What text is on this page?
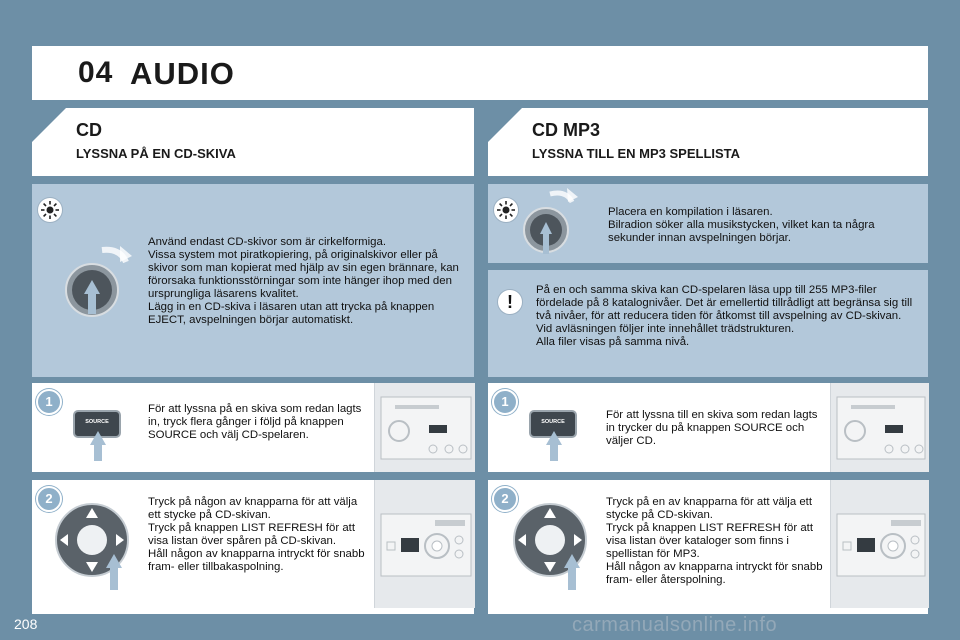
04 AUDIO
CD
LYSSNA PÅ EN CD-SKIVA
CD MP3
LYSSNA TILL EN MP3 SPELLISTA
Använd endast CD-skivor som är cirkelformiga.
Vissa system mot piratkopiering, på originalskivor eller på skivor som man kopierat med hjälp av sin egen brännare, kan förorsaka funktionsstörningar som inte hänger ihop med den ursprungliga läsarens kvalitet.
Lägg in en CD-skiva i läsaren utan att trycka på knappen EJECT, avspelningen börjar automatiskt.
1
SOURCE
För att lyssna på en skiva som redan lagts in, tryck flera gånger i följd på knappen SOURCE och välj CD-spelaren.
2	Tryck på någon av knapparna för att välja ett stycke på CD-skivan.
Tryck på knappen LIST REFRESH för att visa listan över spåren på CD-skivan.
Håll någon av knapparna intryckt för snabb fram- eller tillbakaspolning.
Placera en kompilation i läsaren.
Bilradion söker alla musikstycken, vilket kan ta några sekunder innan avspelningen börjar.
!
På en och samma skiva kan CD-spelaren läsa upp till 255 MP3-filer fördelade på 8 katalognivåer. Det är emellertid tillrådligt att begränsa sig till två nivåer, för att reducera tiden för åtkomst till avspelning av CD-skivan.
Vid avläsningen följer inte innehållet trädstrukturen.
Alla filer visas på samma nivå.
1
SOURCE
För att lyssna till en skiva som redan lagts in trycker du på knappen SOURCE och väljer CD.
2	Tryck på en av knapparna för att välja ett stycke på CD-skivan.
Tryck på knappen LIST REFRESH för att visa listan över kataloger som finns i spellistan för MP3.
Håll någon av knapparna intryckt för snabb fram- eller återspolning.
208	carmanualsonline.info
